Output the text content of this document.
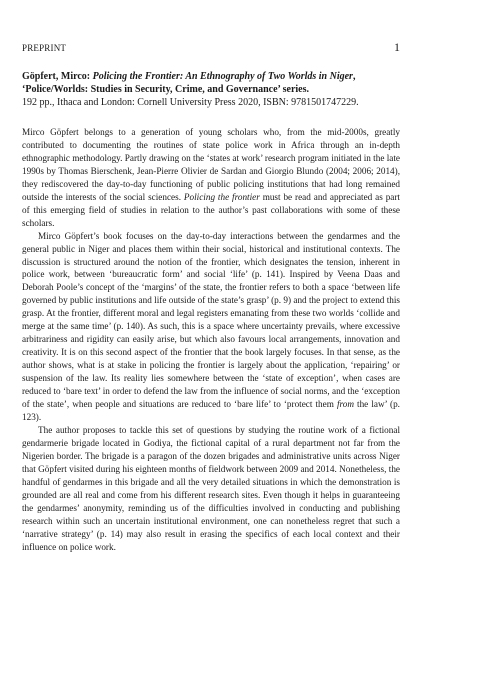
PREPRINT	1
Göpfert, Mirco: Policing the Frontier: An Ethnography of Two Worlds in Niger, ‘Police/Worlds: Studies in Security, Crime, and Governance’ series.
192 pp., Ithaca and London: Cornell University Press 2020, ISBN: 9781501747229.

Mirco Göpfert belongs to a generation of young scholars who, from the mid-2000s, greatly contributed to documenting the routines of state police work in Africa through an in-depth ethnographic methodology. Partly drawing on the ‘states at work’ research program initiated in the late 1990s by Thomas Bierschenk, Jean-Pierre Olivier de Sardan and Giorgio Blundo (2004; 2006; 2014), they rediscovered the day-to-day functioning of public policing institutions that had long remained outside the interests of the social sciences. Policing the frontier must be read and appreciated as part of this emerging field of studies in relation to the author’s past collaborations with some of these scholars.

Mirco Göpfert’s book focuses on the day-to-day interactions between the gendarmes and the general public in Niger and places them within their social, historical and institutional contexts. The discussion is structured around the notion of the frontier, which designates the tension, inherent in police work, between ‘bureaucratic form’ and social ‘life’ (p. 141). Inspired by Veena Daas and Deborah Poole’s concept of the ‘margins’ of the state, the frontier refers to both a space ‘between life governed by public institutions and life outside of the state’s grasp’ (p. 9) and the project to extend this grasp. At the frontier, different moral and legal registers emanating from these two worlds ‘collide and merge at the same time’ (p. 140). As such, this is a space where uncertainty prevails, where excessive arbitrariness and rigidity can easily arise, but which also favours local arrangements, innovation and creativity. It is on this second aspect of the frontier that the book largely focuses. In that sense, as the author shows, what is at stake in policing the frontier is largely about the application, ‘repairing’ or suspension of the law. Its reality lies somewhere between the ‘state of exception’, when cases are reduced to ‘bare text’ in order to defend the law from the influence of social norms, and the ‘exception of the state’, when people and situations are reduced to ‘bare life’ to ‘protect them from the law’ (p. 123).

The author proposes to tackle this set of questions by studying the routine work of a fictional gendarmerie brigade located in Godiya, the fictional capital of a rural department not far from the Nigerien border. The brigade is a paragon of the dozen brigades and administrative units across Niger that Göpfert visited during his eighteen months of fieldwork between 2009 and 2014. Nonetheless, the handful of gendarmes in this brigade and all the very detailed situations in which the demonstration is grounded are all real and come from his different research sites. Even though it helps in guaranteeing the gendarmes’ anonymity, reminding us of the difficulties involved in conducting and publishing research within such an uncertain institutional environment, one can nonetheless regret that such a ‘narrative strategy’ (p. 14) may also result in erasing the specifics of each local context and their influence on police work.
